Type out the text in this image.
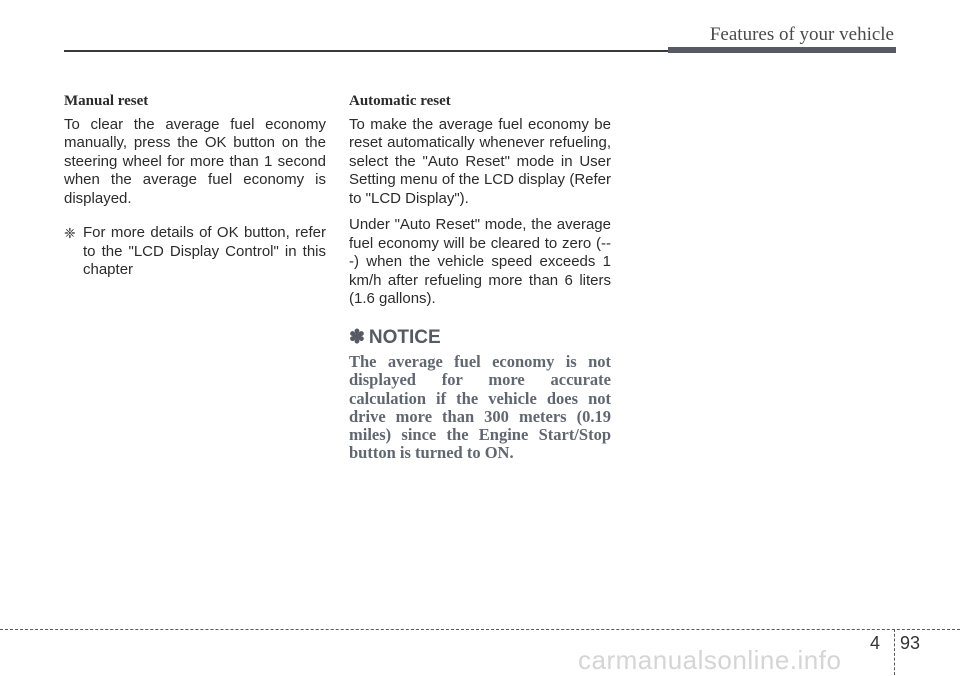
Features of your vehicle

Manual reset

To clear the average fuel economy manually, press the OK button on the steering wheel for more than 1 second when the average fuel economy is displayed.

❈ For more details of OK button, refer to the "LCD Display Control" in this chapter

Automatic reset

To make the average fuel economy be reset automatically whenever refueling, select the "Auto Reset" mode in User Setting menu of the LCD display (Refer to "LCD Display").

Under "Auto Reset" mode, the average fuel economy will be cleared to zero (---) when the vehicle speed exceeds 1 km/h after refueling more than 6 liters (1.6 gallons).

✽ NOTICE
The average fuel economy is not displayed for more accurate calculation if the vehicle does not drive more than 300 meters (0.19 miles) since the Engine Start/Stop button is turned to ON.
4 93
carmanualsonline.info
